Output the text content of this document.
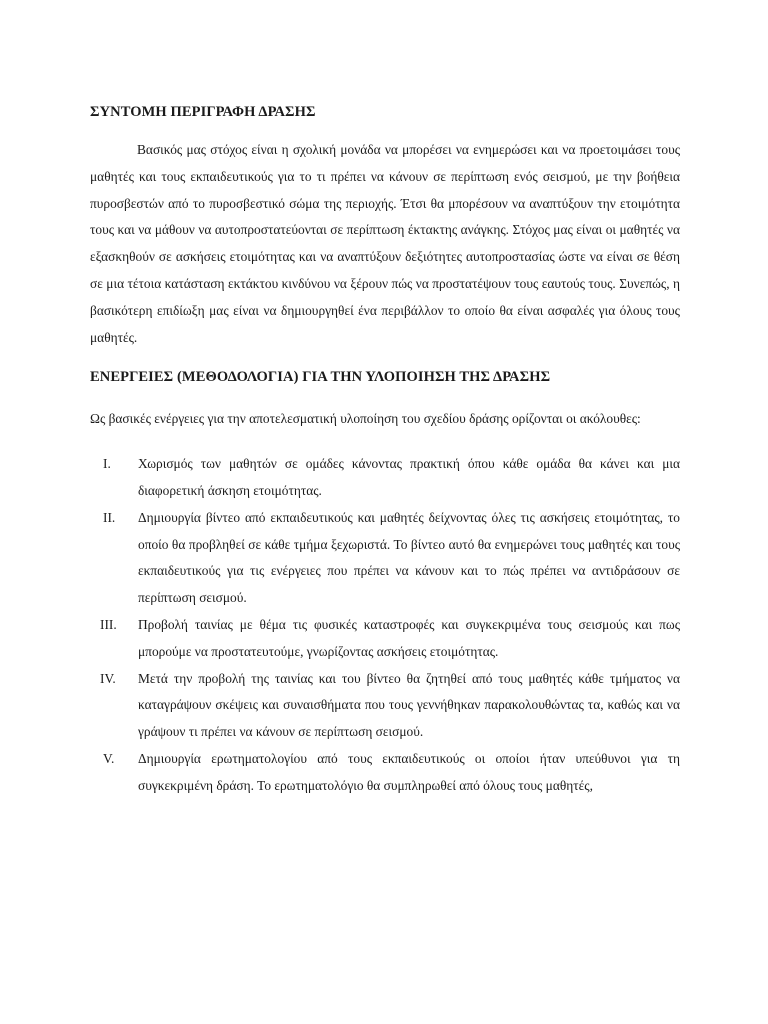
ΣΥΝΤΟΜΗ ΠΕΡΙΓΡΑΦΗ ΔΡΑΣΗΣ

Βασικός μας στόχος είναι η σχολική μονάδα να μπορέσει να ενημερώσει και να προετοιμάσει τους μαθητές και τους εκπαιδευτικούς για το τι πρέπει να κάνουν σε περίπτωση ενός σεισμού, με την βοήθεια πυροσβεστών από το πυροσβεστικό σώμα της περιοχής. Έτσι θα μπορέσουν να αναπτύξουν την ετοιμότητα τους και να μάθουν να αυτοπροστατεύονται σε περίπτωση έκτακτης ανάγκης. Στόχος μας είναι οι μαθητές να εξασκηθούν σε ασκήσεις ετοιμότητας και να αναπτύξουν δεξιότητες αυτοπροστασίας ώστε να είναι σε θέση σε μια τέτοια κατάσταση εκτάκτου κινδύνου να ξέρουν πώς να προστατέψουν τους εαυτούς τους. Συνεπώς, η βασικότερη επιδίωξη μας είναι να δημιουργηθεί ένα περιβάλλον το οποίο θα είναι ασφαλές για όλους τους μαθητές.

ΕΝΕΡΓΕΙΕΣ (ΜΕΘΟΔΟΛΟΓΙΑ) ΓΙΑ ΤΗΝ ΥΛΟΠΟΙΗΣΗ ΤΗΣ ΔΡΑΣΗΣ

Ως βασικές ενέργειες για την αποτελεσματική υλοποίηση του σχεδίου δράσης ορίζονται οι ακόλουθες:

I.	Χωρισμός των μαθητών σε ομάδες κάνοντας πρακτική όπου κάθε ομάδα θα κάνει και μια διαφορετική άσκηση ετοιμότητας.
II.	Δημιουργία βίντεο από εκπαιδευτικούς και μαθητές δείχνοντας όλες τις ασκήσεις ετοιμότητας, το οποίο θα προβληθεί σε κάθε τμήμα ξεχωριστά. Το βίντεο αυτό θα ενημερώνει τους μαθητές και τους εκπαιδευτικούς για τις ενέργειες που πρέπει να κάνουν και το πώς πρέπει να αντιδράσουν σε περίπτωση σεισμού.
III.	Προβολή ταινίας με θέμα τις φυσικές καταστροφές και συγκεκριμένα τους σεισμούς και πως μπορούμε να προστατευτούμε, γνωρίζοντας ασκήσεις ετοιμότητας.
IV.	Μετά την προβολή της ταινίας και του βίντεο θα ζητηθεί από τους μαθητές κάθε τμήματος να καταγράψουν σκέψεις και συναισθήματα που τους γεννήθηκαν παρακολουθώντας τα, καθώς και να γράψουν τι πρέπει να κάνουν σε περίπτωση σεισμού.
V.	Δημιουργία ερωτηματολογίου από τους εκπαιδευτικούς οι οποίοι ήταν υπεύθυνοι για τη συγκεκριμένη δράση. Το ερωτηματολόγιο θα συμπληρωθεί από όλους τους μαθητές,
